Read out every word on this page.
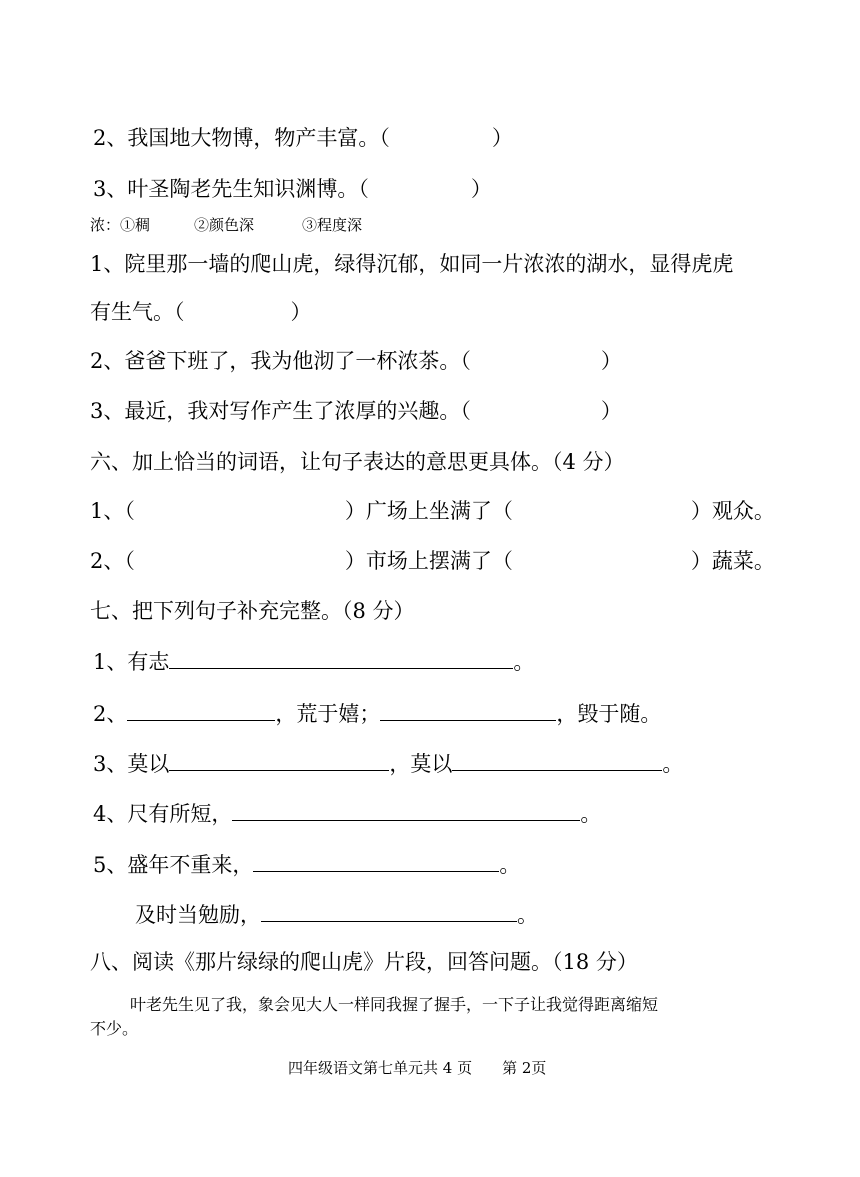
2、我国地大物博，物产丰富。（	）
3、叶圣陶老先生知识渊博。（	）
浓：①稠	②颜色深	③程度深
1、院里那一墙的爬山虎，绿得沉郁，如同一片浓浓的湖水，显得虎虎
有生气。（	）
2、爸爸下班了，我为他沏了一杯浓茶。（	）
3、最近，我对写作产生了浓厚的兴趣。（	）
六、加上恰当的词语，让句子表达的意思更具体。（4 分）
1、（	）广场上坐满了（	）观众。
2、（	）市场上摆满了（	）蔬菜。
七、把下列句子补充完整。（8 分）
1、有志	。
2、	，荒于嬉；	，毁于随。
3、莫以	，莫以	。
4、尺有所短，	。
5、盛年不重来，	。
及时当勉励，	。
八、阅读《那片绿绿的爬山虎》片段，回答问题。（18 分）
叶老先生见了我，象会见大人一样同我握了握手，一下子让我觉得距离缩短
不少。
四年级语文第七单元共 4 页 第 2页
